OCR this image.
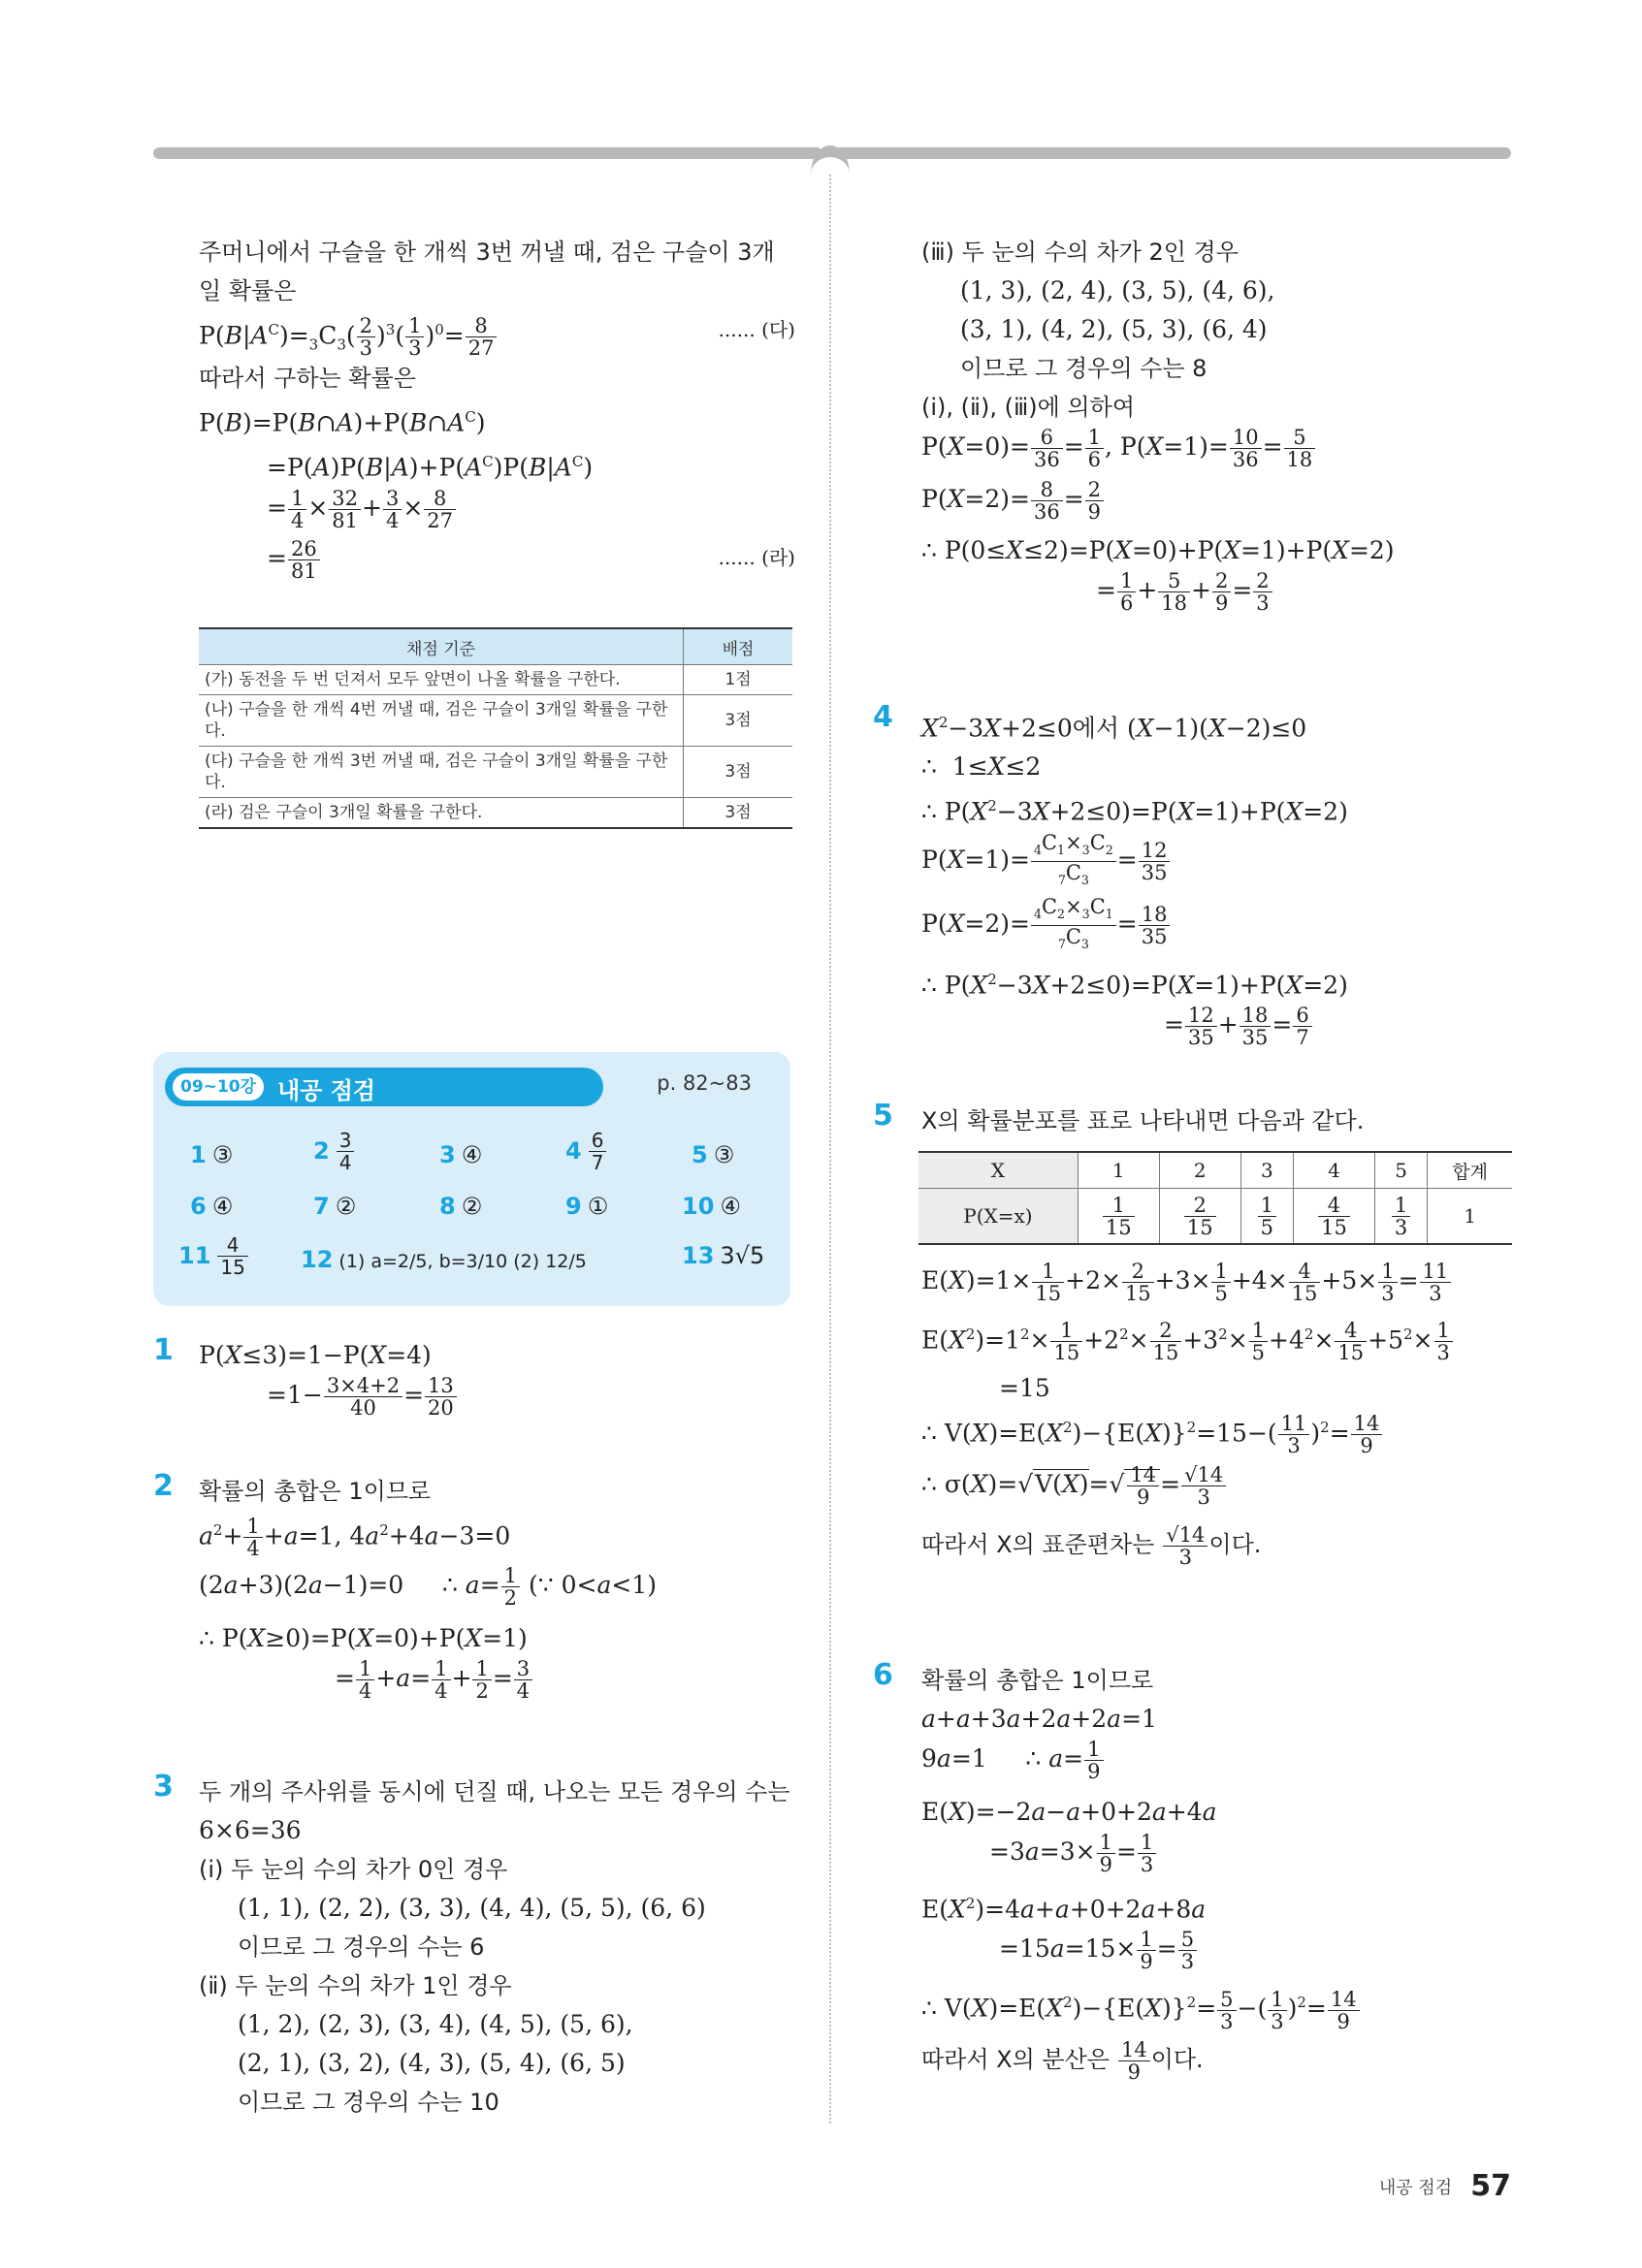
주머니에서 구슬을 한 개씩 3번 꺼낼 때, 검은 구슬이 3개
일 확률은
$P(B|A^C)=_3C_3( \frac{2}{3} )^3( \frac{1}{3} )^0= \frac{8}{27}$	...... (다)
따라서 구하는 확률은
$P(B)=P(B\cap A)+P(B\cap A^C)$
$=P(A)P(B|A)+P(A^C)P(B|A^C)$
= $\frac{1}{4} \times \frac{32}{81} + \frac{3}{4} \times \frac{8}{27}$
= $\frac{26}{81}$	...... (라)
채점 기준	배점
(가) 동전을 두 번 던져서 모두 앞면이 나올 확률을 구한다.	1점
(나) 구슬을 한 개씩 4번 꺼낼 때, 검은 구슬이 3개일 확률을 구한다.	3점
(다) 구슬을 한 개씩 3번 꺼낼 때, 검은 구슬이 3개일 확률을 구한다.	3점
(라) 검은 구슬이 3개일 확률을 구한다.	3점
09~10강 내공 점검	p. 82~83
1 ③	$2 \frac{3}{4}$	3 ④	$4 \frac{6}{7}$	5 ③
6 ④	7 ②	8 ②	9 ①	10 ④
$11 \frac{4}{15} 12$ (1) a=2/5, b=3/10 (2) 12/5	13 3√5
1 P(X≤3)=1−P(X=4)
$=1- \frac{3\times 4+2}{40} = \frac{13}{20}$
2 확률의 총합은 1이므로
$a^2+ \frac{1}{4} +a=1$, $4a^2+4a-3=0$
(2a+3)(2a−1)=0     ∴ $a= \frac{1}{2}$ (∵ 0<a<1)
∴ P(X≥0)=P(X=0)+P(X=1)
= $\frac{1}{4} +a= \frac{1}{4} + \frac{1}{2} = \frac{3}{4}$
3 두 개의 주사위를 동시에 던질 때, 나오는 모든 경우의 수는
6×6=36
(ⅰ) 두 눈의 수의 차가 0인 경우
(1, 1), (2, 2), (3, 3), (4, 4), (5, 5), (6, 6)
이므로 그 경우의 수는 6
(ⅱ) 두 눈의 수의 차가 1인 경우
(1, 2), (2, 3), (3, 4), (4, 5), (5, 6),
(2, 1), (3, 2), (4, 3), (5, 4), (6, 5)
이므로 그 경우의 수는 10
(ⅲ) 두 눈의 수의 차가 2인 경우
(1, 3), (2, 4), (3, 5), (4, 6),
(3, 1), (4, 2), (5, 3), (6, 4)
이므로 그 경우의 수는 8
(ⅰ), (ⅱ), (ⅲ)에 의하여
$P(X=0)= \frac{6}{36} = \frac{1}{6}$ , $P(X=1)= \frac{10}{36} = \frac{5}{18}$
$P(X=2)= \frac{8}{36} = \frac{2}{9}$
∴ P(0≤X≤2)=P(X=0)+P(X=1)+P(X=2)
= $\frac{1}{6} + \frac{5}{18} + \frac{2}{9} = \frac{2}{3}$
4 $X^2-3X+2\le 0$에서 (X−1)(X−2)≤0
∴  1≤X≤2
∴ $P(X^2-3X+2\le 0)=P(X=1)+P(X=2)$
$P(X=1)= \frac{_4C_1\times_3C_2}{_7C_3} = \frac{12}{35}$
$P(X=2)= \frac{_4C_2\times_3C_1}{_7C_3} = \frac{18}{35}$
∴ $P(X^2-3X+2\le 0)=P(X=1)+P(X=2)$
= $\frac{12}{35} + \frac{18}{35} = \frac{6}{7}$
5 X의 확률분포를 표로 나타내면 다음과 같다.
X	1	2	3	4	5	합계
P(X=x)	$\frac{1}{15}$	$\frac{2}{15}$	$\frac{1}{5}$	$\frac{4}{15}$	$\frac{1}{3}$	1
$E(X)=1\times \frac{1}{15} +2\times \frac{2}{15} +3\times \frac{1}{5} +4\times \frac{4}{15} +5\times \frac{1}{3} = \frac{11}{3}$
$E(X^2)=1^2\times \frac{1}{15} +2^2\times \frac{2}{15} +3^2\times \frac{1}{5} +4^2\times \frac{4}{15} +5^2\times \frac{1}{3}$
=15
∴ $V(X)=E(X^2)-\{E(X)\}^2=15-( \frac{11}{3} )^2= \frac{14}{9}$
∴ $\sigma(X)=√V(X)=√ \frac{14}{9} = \frac{√14}{3}$
따라서 X의 표준편차는 $\frac{√14}{3}$ 이다.
6 확률의 총합은 1이므로
a+a+3a+2a+2a=1
9a=1     ∴ $a= \frac{1}{9}$
E(X)=−2a−a+0+2a+4a
$=3a=3\times \frac{1}{9} = \frac{1}{3}$
$E(X^2)=4a+a+0+2a+8a$
$=15a=15\times \frac{1}{9} = \frac{5}{3}$
∴ $V(X)=E(X^2)-\{E(X)\}^2= \frac{5}{3}$ −( $\frac{1}{3} )^2= \frac{14}{9}$
따라서 X의 분산은 $\frac{14}{9}$ 이다.
내공 점검 57
